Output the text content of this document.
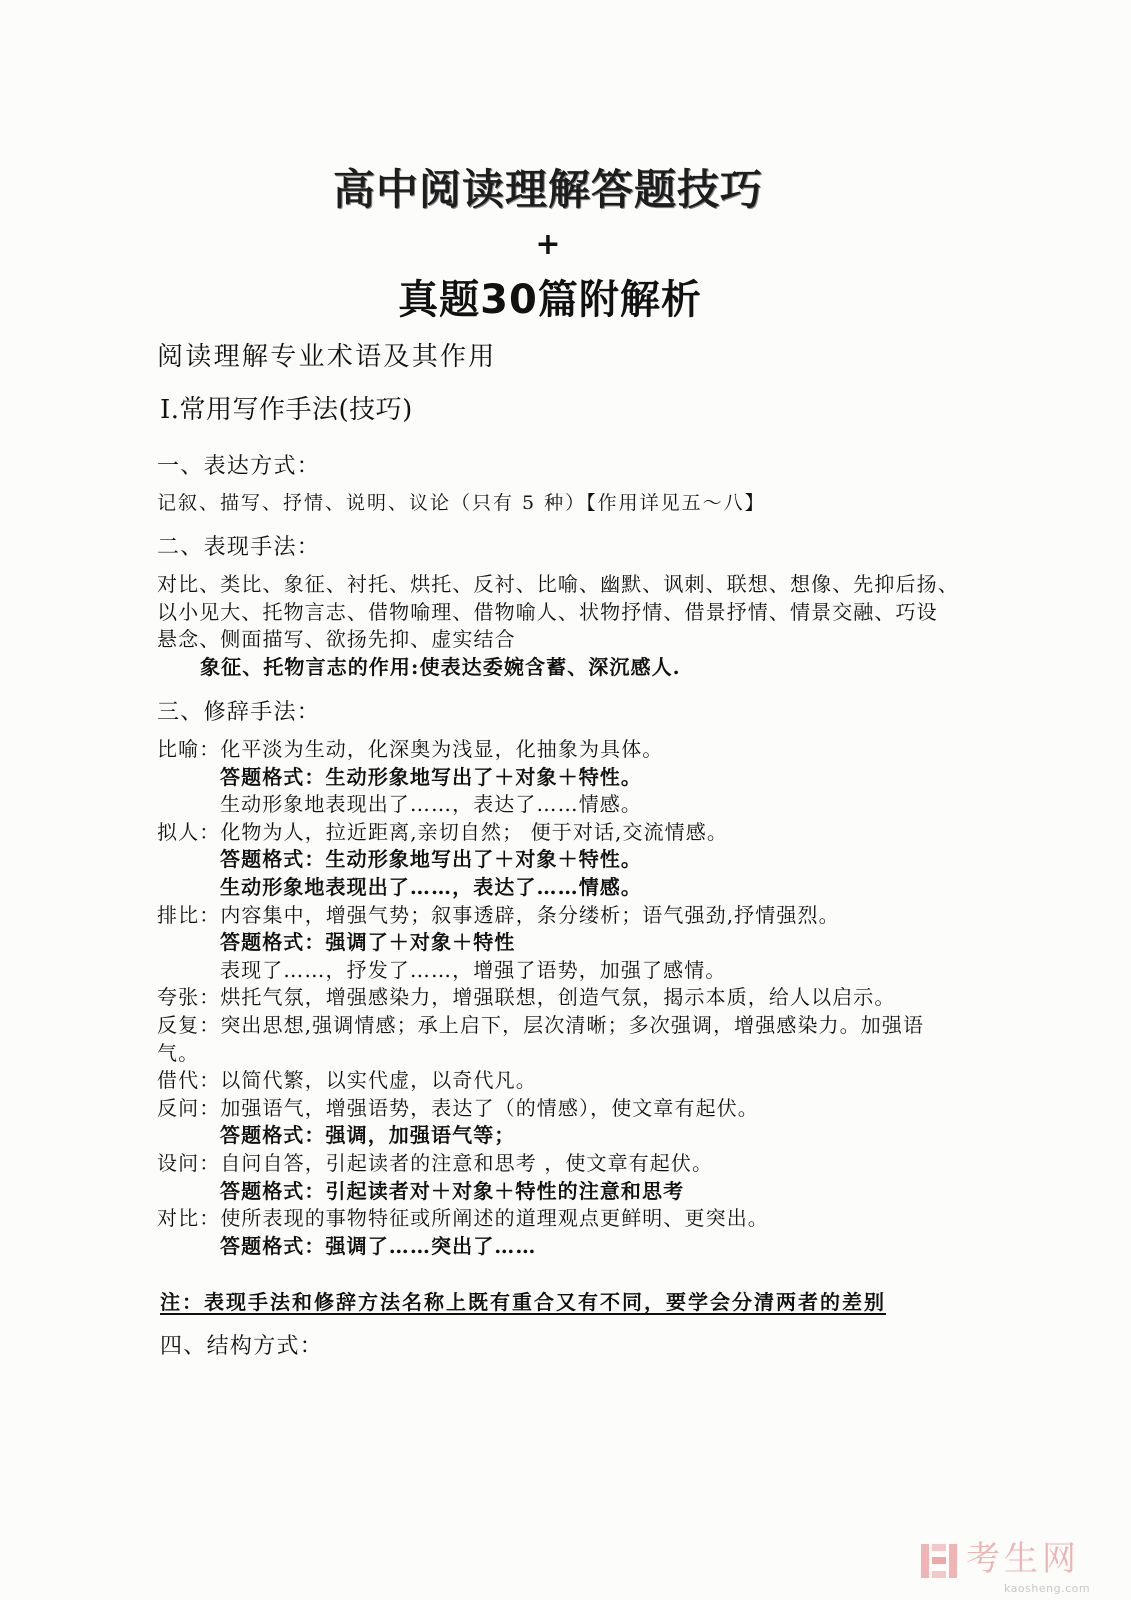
高中阅读理解答题技巧
+
真题30篇附解析
阅读理解专业术语及其作用
Ⅰ.常用写作手法(技巧)
一、表达方式：
记叙、描写、抒情、说明、议论（只有 5 种）【作用详见五～八】
二、表现手法：
对比、类比、象征、衬托、烘托、反衬、比喻、幽默、讽刺、联想、想像、先抑后扬、
以小见大、托物言志、借物喻理、借物喻人、状物抒情、借景抒情、情景交融、巧设
悬念、侧面描写、欲扬先抑、虚实结合
象征、托物言志的作用:使表达委婉含蓄、深沉感人.
三、修辞手法：
比喻：化平淡为生动，化深奥为浅显，化抽象为具体。
答题格式：生动形象地写出了＋对象＋特性。
生动形象地表现出了……，表达了……情感。
拟人：化物为人，拉近距离,亲切自然； 便于对话,交流情感。
答题格式：生动形象地写出了＋对象＋特性。
生动形象地表现出了……，表达了……情感。
排比：内容集中，增强气势；叙事透辟，条分缕析；语气强劲,抒情强烈。
答题格式：强调了＋对象＋特性
表现了……，抒发了……，增强了语势，加强了感情。
夸张：烘托气氛，增强感染力，增强联想，创造气氛，揭示本质，给人以启示。
反复：突出思想,强调情感；承上启下，层次清晰；多次强调，增强感染力。加强语
气。
借代：以简代繁，以实代虚，以奇代凡。
反问：加强语气，增强语势，表达了（的情感），使文章有起伏。
答题格式：强调，加强语气等；
设问：自问自答，引起读者的注意和思考 ，使文章有起伏。
答题格式：引起读者对＋对象＋特性的注意和思考
对比：使所表现的事物特征或所阐述的道理观点更鲜明、更突出。
答题格式：强调了……突出了……
注：表现手法和修辞方法名称上既有重合又有不同，要学会分清两者的差别
四、结构方式：
考生网
kaosheng.com
